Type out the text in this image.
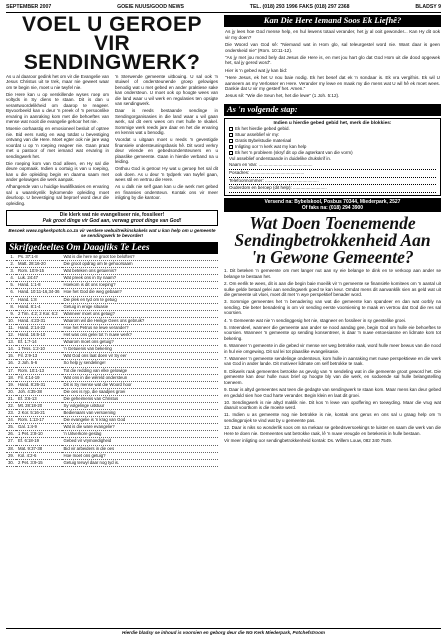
SEPTEMBER 2007	GOEIE NUUS/GOOD NEWS	TEL. (018) 293 1996 FAKS (018) 297 2368	BLADSY 9
VOEL U GEROEP
VIR SENDINGWERK?

As u al daaroor gedink het om vir die Evangelie van Jesus Christus uit te trek, maar nie geweet waar om te begin nie, moet u nie twyfel nie.

Die Here kan u op verskillende wyses roep om voltyds in Sy diens te staan. Dit is dan u verantwoordelikheid om daarop te reageer. Byvoorbeeld kan u deur 'n preek of 'n persoonlike ervaring in aanraking kom met die behoeftes van mense wat nooit die evangelie gehoor het nie.

Moenie oorhaastig en emosioneel besluit of optree nie. Bid eers rustig en wag totdat u bevestiging ontvang van die Here. Moet egter ook nie jare wag voordat u op 'n roeping reageer nie. Gaan praat met u pastoor of met iemand wat ervaring in sendingwerk het.

Die roeping kom van God alleen, en Hy sal die deure oopmaak. Indien u oortuig is van u roeping, kan u die opleiding begin en daarna saam met ander gelowiges die werk aanpak.

Afhangende van u huidige kwalifikasies en ervaring sal u waarskynlik bykomende opleiding moet deurloop. U bevestiging sal beproef word deur die opleiding.

'n Sterwende gemeente uitbouing. U sal ook 'n stuiwel of ondersteunende groep gelowiges benodig wat u met gebed en ander praktiese sake kan ondersteun. U moet ook op hoogte wees van die land waar u wil werk en regulasies ten opsigte van sendingwerk.

Daar is reeds bestaande sendinge in Sendingorganisasies in die land waar u wil gaan werk, sal dit eers wees om met hulle te skakel. Sommige werk reeds jare daar en het die ervaring en kennis wat u benodig.

Voordat u uitgaan moet u reeds 'n gevestigde finansiele ondersteuningsbasis hê. Dit word verkry deur vriende en gebedsondersteuners en u plaaslike gemeente. Gaan in hierdie verband na u leiding.

Onthou God is getrou! Hy wat u geroep het sal dit ook doen. As u deur 'n tydperk van twyfel gaan, wees stil en vertrou die Here.

As u dalk nie self gaan kan u die werk met gebed en finansies ondersteun. Kontak ons vir meer inligting by die kantoor.

Die klerk wat nie evangeliseer nie, fossileer!
Pak groot dinge vir God aan, verwag groot dinge van God!
Besoek www.ngkerkpotch.co.za vir verdere webuitreikinskakels wat u kan help om u gemeente se sendingwerk te bevorder!
Skrifgedeeltes Om Daagliks Te Lees
1.	Ps. 37:1-8	Wat is die here se groot toe beloftes?
2.	Matt. 28:16-20	Die groot opdrag om te gehoorsaam
3.	Rom. 10:9-15	Wat beteken ons getuienis?
4.	Luk. 24:47	Wat preek ons in Sy naam?
5.	Hand. 1:1-8	Hoekom is dit ons roeping?
6.	Hand. 10:11-16,34-36	Hoe het God die weg gebaan?
7.	Hand. 1:8	Die plek en tyd om te getuig
8.	Hand. 8:1-4	Getuig in enige situasie
9.	2 Tim. 4:2; 2 Kor. 6:2	Wanneer moet ons getuig?
10.	Hand. 4:23-31	Waarom wil die Heilige Gees ons gebruik?
11.	Hand. 2:14-22	Hoe het Petrus se lewe verander?
12.	Hand. 16:6-10	Het was ons gelei tot 'n nuwe werk?
13.	Ef. 1:7-14	Waarom moet ons getuig?
14.	1 Tess. 1:2-10	'n Getuienis van bekering
15.	Fil. 2:9-13	Wat God ons laat doen vir Sy eer
16.	2 Joh. 5-6	So help jy sendelinge!
17.	Rom. 10:1-13	Tot die redding van elke gelowige
18.	Fil. 4:14-19	Wat ons in die wêreld ondersteun
19.	Hand. 8:26-31	Dit is Sy mense wat die Woord hoor
20.	Joh. 4:35-38	Die oes is ryp, die saadjies groei
21.	Ef. 3:6-13	Die geheimenis van Christus
22.	Mt. 28:18-20	Sy volgelinge uitstuur
23.	2 Kor. 5:16-21	Bedienaars van versoening
24.	Rom. 1:13-17	Die evangelie is 'n krag van God
25.	Gal. 1:4-9	Wat is die ware evangelie?
26.	1 Pet. 2:8-10	'n Uitverkore geslag
27.	Ef. 6:18-19	Gebed vir vrymoedigheid
28.	Mat. 9:37-38	Bid vir arbeiders in die oes
29.	Kol. 4:2-6	Hoe moet ons getuig?
30.	2 Pet. 3:9-15	Getuig terwyl daar nog tyd is.
Kan Die Here Iemand Soos Ek Liefhê?

As jy lees hoe God mense help, en hul lewens totaal verander, het jy al ooit gewonder... Kan Hy dit ook vir my doen?

Die Woord van God sê: "Niemand wat in Hom glo, sal teleurgestel word nie. Want daar is geen onderskeid nie" (Rom. 10:11-12).

"As jy met jou mond bely dat Jesus die Here is, en met jou hart glo dat God Hom uit die dood opgewek het, sal jy gered word".

Hier is 'n gebed wat jy kan bid:

"Here Jesus, ek het U nou baie nodig. Ek het besef dat ek 'n sondaar is. Ek vra vergifnis. Ek wil U aanneem as my Verlosser en Here. Verander my lewe en maak my die mens wat U wil hê ek moet wees. Dankie dat U vir my gesterf het. Amen."

Jesus sê: "Wie die Seun het, het die lewe" (1 Joh. 5:12).

As 'n volgende stap:
Indien u hierdie gebed gebid het, merk die blokkies:
Ek het hierdie gebed gebid.
Stuur asseblief vir my:
Gratis Bybelstudie materiaal
Inligting oor 'n kerk wat my kan help
Ek het 'n probleem (skryf dit op die agterkant van die vorm)
Vul asseblief onderstaande in duidelike drukskrif in.
Naam en Van: ...........................................
Posadres: ...........................................
Telefoonnommer: ...........................................
Ouderdom en beroep (dit help): ...........................
Versend na: Bybelskool, Posbus 70344, Miederpark, 2527
Of faks na: (018) 294 3900
Wat Doen Toenemende
Sendingbetrokkenheid Aan
'n Gewone Gemeente?

1. Dit beteken 'n gemeente om met langer nut aan sy eie belange te dink en te verkoop aan ander se belange te bestaan het.

2. Om eerlik te wees, dit is aan die begin baie moeilik vir 'n gemeente se finansiële komitees om 'n aantal uit sulke gelde betaal gelei aan sendingwerk goed te kan keur. Omdat mens dit aanvanklik sien as geld wat uit die gemeente uit vloei, moet dit met 'n wye perspektief benader word.

3. Sommige gemeentes het 'n benadering van wat die gemeente kan spandeer en dan wat oorbly na sending. Die beter benadering is om vir sending eerste voorsiening te maak en vertrou dat God die res sal voorsien.

4. 'n Gemeente wat nie 'n sendinggesig het nie, stagneer en fossileer in sy geestelike groei.

5. Inteendeel, wanneer die gemeente aan ander se nood aandag gee, begin God om hulle eie behoeftes te voorsien. Wanneer 'n gemeente op sending konsentreer, is daar 'n nuwe entoesiasme en lidmate kom tot bekering.

6. Wanneer 'n gemeente in die gebed vir mense ver weg betrokke raak, word hulle meer bewus van die nood in hul eie omgewing. Dit sal lei tot plaaslike evangelisasie.

7. Wanneer 'n gemeente sendelinge ondersteun, kom hulle in aanraking met nuwe perspektiewe en die werk van God in ander lande. Dit motiveer lidmate om self betrokke te raak.

8. Dikwels raak gemeentes betrokke as gevolg van 'n sendeling wat in die gemeente groot geword het. Die gemeente kan deur hulle nuus brief op hoogte bly van die werk, en sodoende sal hulle belangstelling toeneem.

9. Daar is altyd gemeentes wat teen die gedagte van sendingwerk te staan kom. Maar mens kan deur gebed en geduld sien hoe God harte verander. Begin klein en laat dit groei.

10. Sendingwerk is nie altyd maklik nie. Dit kos 'n lewe van opoffering en toewyding. Maar die vrug wat daaruit voortkom is die moeite werd.

11. Indien u as gemeente nog nie betrokke is nie, kontak ons gerus en ons sal u graag help om 'n sendingprojek te vind wat by u gemeente pas.

12. Daar is niks so wonderlik soos om na mekaar se gebedsversoekings te luister en saam die werk van die Here te doen nie. Gemeentes wat betrokke raak, lê 'n nuwe vreugde en betekenis in hulle bestaan.

Vir meer inligting oor sendingbetrokkenheid kontak: Ds. Willem Louw, 082 340 7549.

Hierdie bladsy se inhoud is voorsien en geborg deur die NG Kerk Miederpark, Potchefstroom
